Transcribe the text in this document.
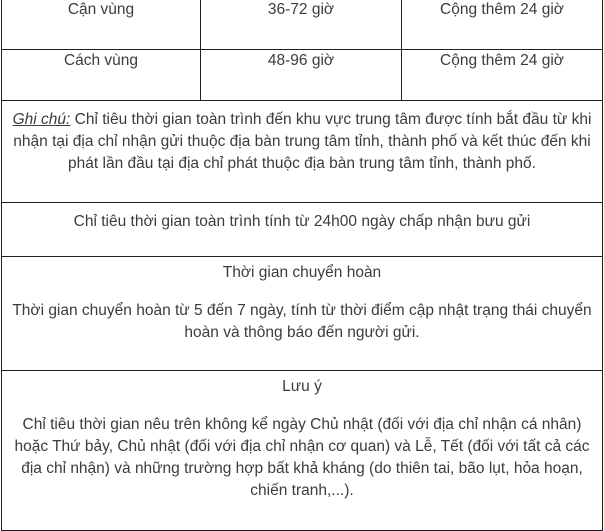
Cận vùng	36-72 giờ	Cộng thêm 24 giờ
Cách vùng	48-96 giờ	Cộng thêm 24 giờ
Ghi chú: Chỉ tiêu thời gian toàn trình đến khu vực trung tâm được tính bắt đầu từ khi nhận tại địa chỉ nhận gửi thuộc địa bàn trung tâm tỉnh, thành phố và kết thúc đến khi phát lần đầu tại địa chỉ phát thuộc địa bàn trung tâm tỉnh, thành phố.		
Chỉ tiêu thời gian toàn trình tính từ 24h00 ngày chấp nhận bưu gửi		

Thời gian chuyển hoàn
Thời gian chuyển hoàn từ 5 đến 7 ngày, tính từ thời điểm cập nhật trạng thái chuyển hoàn và thông báo đến người gửi.		

Lưu ý
Chỉ tiêu thời gian nêu trên không kể ngày Chủ nhật (đối với địa chỉ nhận cá nhân) hoặc Thứ bảy, Chủ nhật (đối với địa chỉ nhận cơ quan) và Lễ, Tết (đối với tất cả các địa chỉ nhận) và những trường hợp bất khả kháng (do thiên tai, bão lụt, hỏa hoạn, chiến tranh,...).		
